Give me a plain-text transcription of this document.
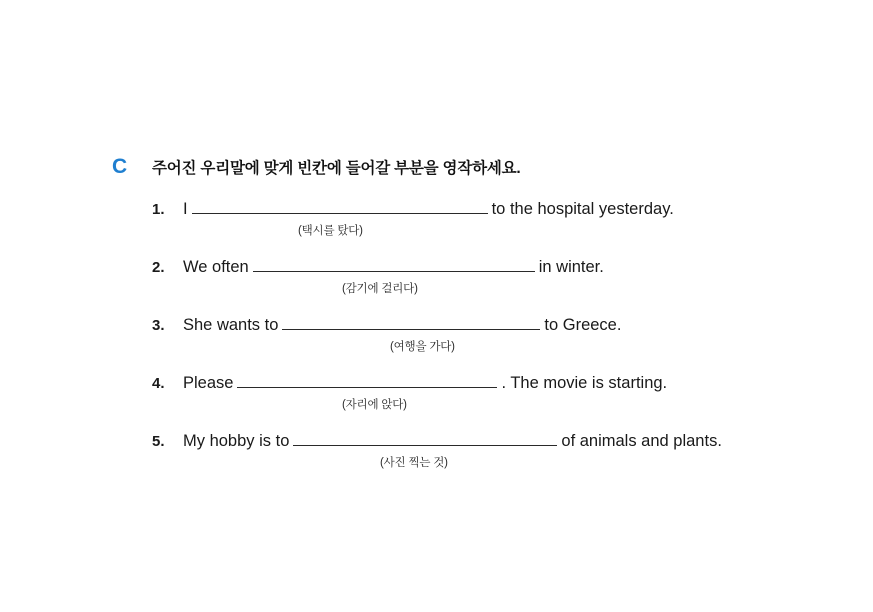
C	주어진 우리말에 맞게 빈칸에 들어갈 부분을 영작하세요.
1.	I	to the hospital yesterday.
(택시를 탔다)
2.	We often	in winter.
(감기에 걸리다)
3.	She wants to	to Greece.
(여행을 가다)
4.	Please	. The movie is starting.
(자리에 앉다)
5.	My hobby is to	of animals and plants.
(사진 찍는 것)
